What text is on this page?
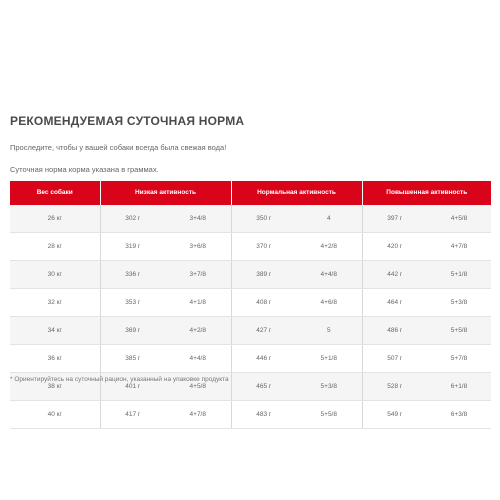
РЕКОМЕНДУЕМАЯ СУТОЧНАЯ НОРМА
Проследите, чтобы у вашей собаки всегда была свежая вода!
Суточная норма корма указана в граммах.
Вес собаки	Низкая активность		Нормальная активность		Повышенная активность	
26 кг	302 г	3+4/8	350 г	4	397 г	4+5/8
28 кг	319 г	3+6/8	370 г	4+2/8	420 г	4+7/8
30 кг	336 г	3+7/8	389 г	4+4/8	442 г	5+1/8
32 кг	353 г	4+1/8	408 г	4+6/8	464 г	5+3/8
34 кг	369 г	4+2/8	427 г	5	486 г	5+5/8
36 кг	385 г	4+4/8	446 г	5+1/8	507 г	5+7/8
38 кг	401 г	4+5/8	465 г	5+3/8	528 г	6+1/8
40 кг	417 г	4+7/8	483 г	5+5/8	549 г	6+3/8
* Ориентируйтесь на суточный рацион, указанный на упаковке продукта
